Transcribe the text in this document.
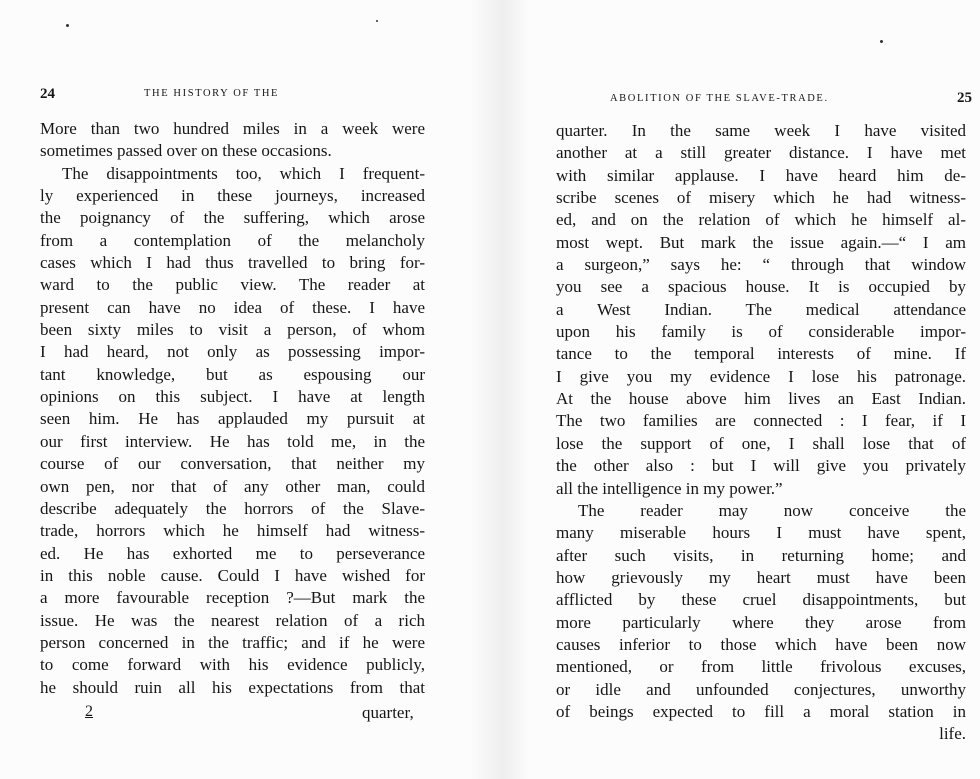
24	THE HISTORY OF THE
More than two hundred miles in a week were
sometimes passed over on these occasions.
The disappointments too, which I frequent-
ly experienced in these journeys, increased
the poignancy of the suffering, which arose
from a contemplation of the melancholy
cases which I had thus travelled to bring for-
ward to the public view. The reader at
present can have no idea of these. I have
been sixty miles to visit a person, of whom
I had heard, not only as possessing impor-
tant knowledge, but as espousing our
opinions on this subject. I have at length
seen him. He has applauded my pursuit at
our first interview. He has told me, in the
course of our conversation, that neither my
own pen, nor that of any other man, could
describe adequately the horrors of the Slave-
trade, horrors which he himself had witness-
ed. He has exhorted me to perseverance
in this noble cause. Could I have wished for
a more favourable reception ?—But mark the
issue. He was the nearest relation of a rich
person concerned in the traffic; and if he were
to come forward with his evidence publicly,
he should ruin all his expectations from that
2	quarter,
ABOLITION OF THE SLAVE-TRADE.	25
quarter. In the same week I have visited
another at a still greater distance. I have met
with similar applause. I have heard him de-
scribe scenes of misery which he had witness-
ed, and on the relation of which he himself al-
most wept. But mark the issue again.—“ I am
a surgeon,” says he: “ through that window
you see a spacious house. It is occupied by
a West Indian. The medical attendance
upon his family is of considerable impor-
tance to the temporal interests of mine. If
I give you my evidence I lose his patronage.
At the house above him lives an East Indian.
The two families are connected : I fear, if I
lose the support of one, I shall lose that of
the other also : but I will give you privately
all the intelligence in my power.”
The reader may now conceive the
many miserable hours I must have spent,
after such visits, in returning home; and
how grievously my heart must have been
afflicted by these cruel disappointments, but
more particularly where they arose from
causes inferior to those which have been now
mentioned, or from little frivolous excuses,
or idle and unfounded conjectures, unworthy
of beings expected to fill a moral station in
life.
